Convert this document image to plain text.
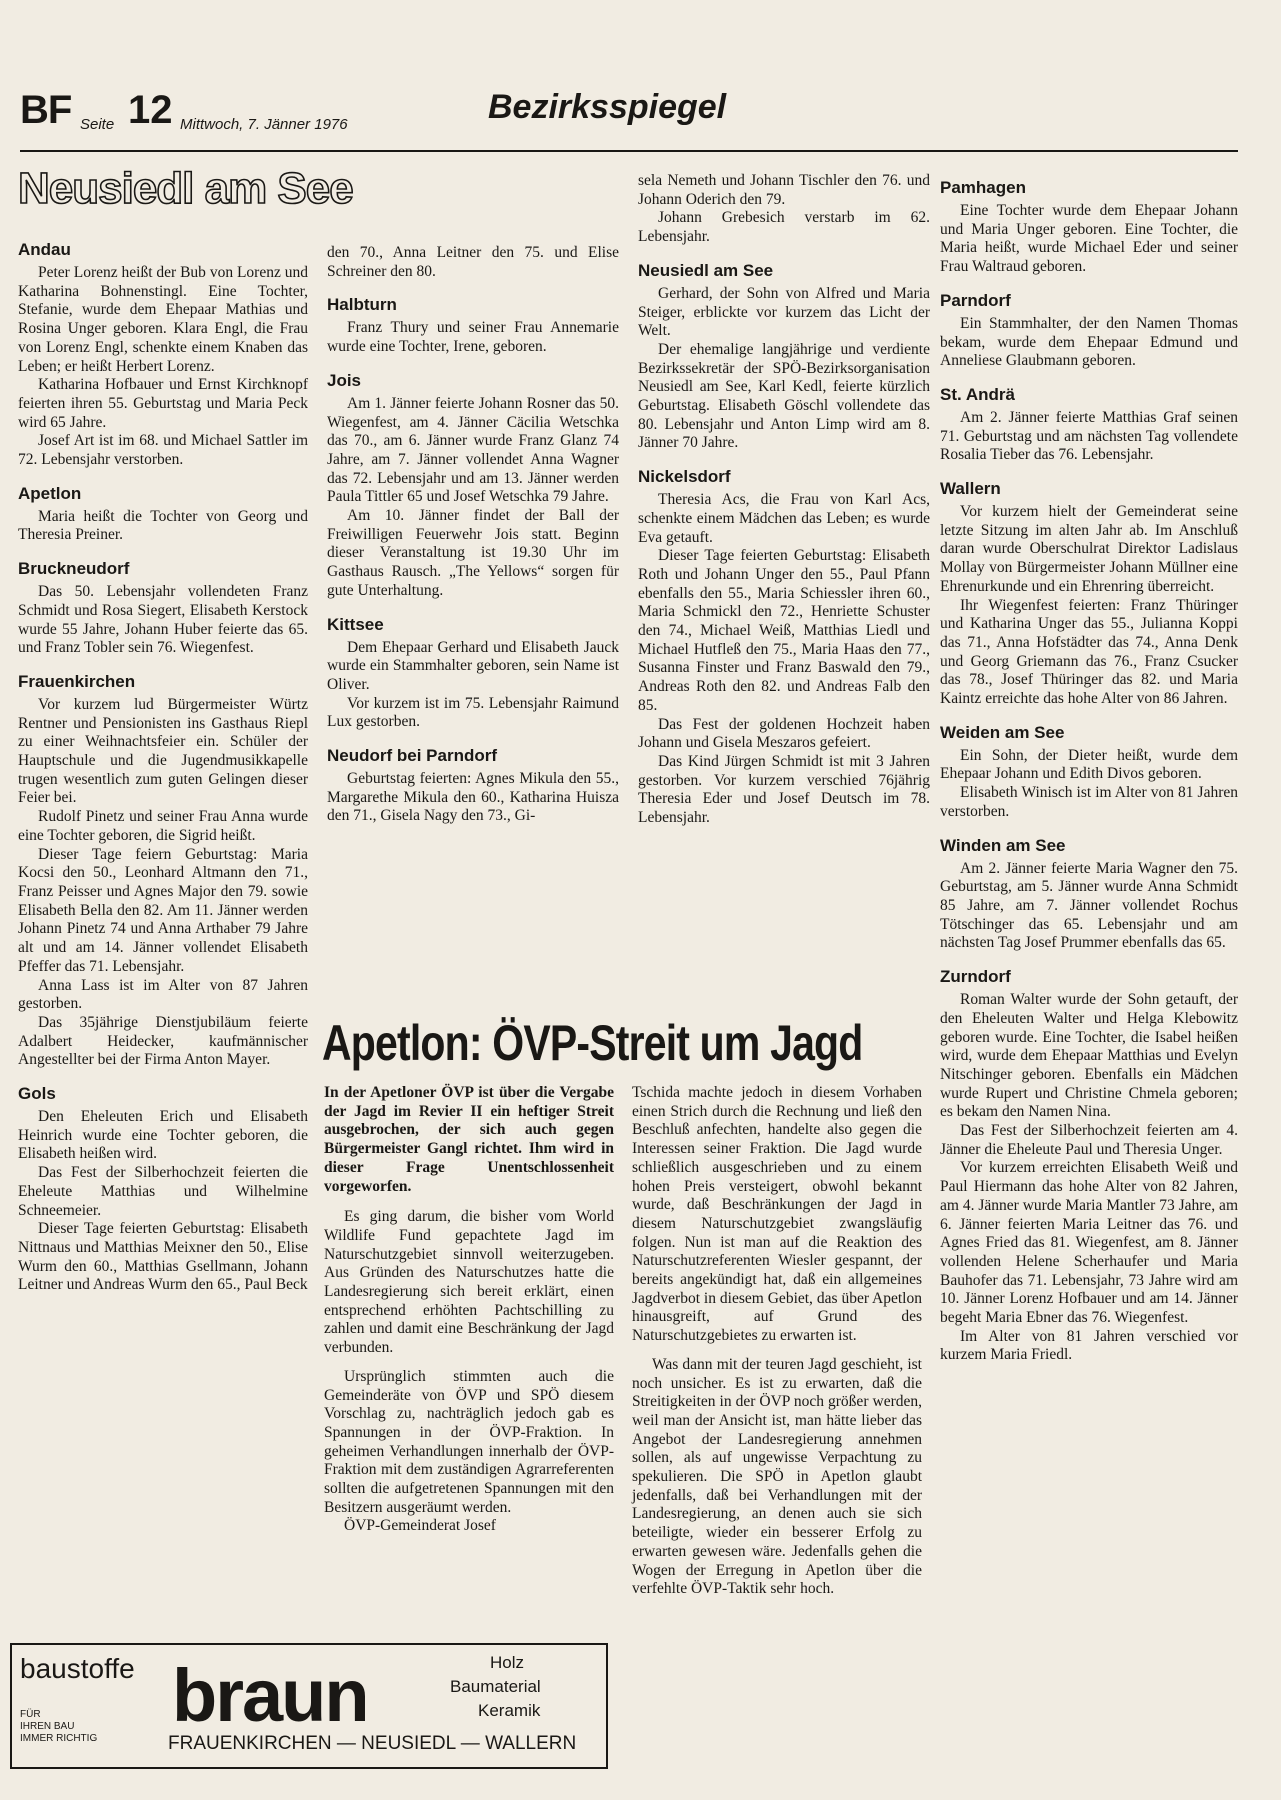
BF Seite 12 Mittwoch, 7. Jänner 1976	Bezirksspiegel
Neusiedl am See
Andau

Peter Lorenz heißt der Bub von Lorenz und Katharina Bohnenstingl. Eine Tochter, Stefanie, wurde dem Ehepaar Mathias und Rosina Unger geboren. Klara Engl, die Frau von Lorenz Engl, schenkte einem Knaben das Leben; er heißt Herbert Lorenz.

Katharina Hofbauer und Ernst Kirchknopf feierten ihren 55. Geburtstag und Maria Peck wird 65 Jahre.

Josef Art ist im 68. und Michael Sattler im 72. Lebensjahr verstorben.

Apetlon

Maria heißt die Tochter von Georg und Theresia Preiner.

Bruckneudorf

Das 50. Lebensjahr vollendeten Franz Schmidt und Rosa Siegert, Elisabeth Kerstock wurde 55 Jahre, Johann Huber feierte das 65. und Franz Tobler sein 76. Wiegenfest.

Frauenkirchen

Vor kurzem lud Bürgermeister Würtz Rentner und Pensionisten ins Gasthaus Riepl zu einer Weihnachtsfeier ein. Schüler der Hauptschule und die Jugendmusikkapelle trugen wesentlich zum guten Gelingen dieser Feier bei.

Rudolf Pinetz und seiner Frau Anna wurde eine Tochter geboren, die Sigrid heißt.

Dieser Tage feiern Geburtstag: Maria Kocsi den 50., Leonhard Altmann den 71., Franz Peisser und Agnes Major den 79. sowie Elisabeth Bella den 82. Am 11. Jänner werden Johann Pinetz 74 und Anna Arthaber 79 Jahre alt und am 14. Jänner vollendet Elisabeth Pfeffer das 71. Lebensjahr.

Anna Lass ist im Alter von 87 Jahren gestorben.

Das 35jährige Dienstjubiläum feierte Adalbert Heidecker, kaufmännischer Angestellter bei der Firma Anton Mayer.

Gols

Den Eheleuten Erich und Elisabeth Heinrich wurde eine Tochter geboren, die Elisabeth heißen wird.

Das Fest der Silberhochzeit feierten die Eheleute Matthias und Wilhelmine Schneemeier.

Dieser Tage feierten Geburtstag: Elisabeth Nittnaus und Matthias Meixner den 50., Elise Wurm den 60., Matthias Gsellmann, Johann Leitner und Andreas Wurm den 65., Paul Beck

den 70., Anna Leitner den 75. und Elise Schreiner den 80.

Halbturn

Franz Thury und seiner Frau Annemarie wurde eine Tochter, Irene, geboren.

Jois

Am 1. Jänner feierte Johann Rosner das 50. Wiegenfest, am 4. Jänner Cäcilia Wetschka das 70., am 6. Jänner wurde Franz Glanz 74 Jahre, am 7. Jänner vollendet Anna Wagner das 72. Lebensjahr und am 13. Jänner werden Paula Tittler 65 und Josef Wetschka 79 Jahre.

Am 10. Jänner findet der Ball der Freiwilligen Feuerwehr Jois statt. Beginn dieser Veranstaltung ist 19.30 Uhr im Gasthaus Rausch. „The Yellows“ sorgen für gute Unterhaltung.

Kittsee

Dem Ehepaar Gerhard und Elisabeth Jauck wurde ein Stammhalter geboren, sein Name ist Oliver.

Vor kurzem ist im 75. Lebensjahr Raimund Lux gestorben.

Neudorf bei Parndorf

Geburtstag feierten: Agnes Mikula den 55., Margarethe Mikula den 60., Katharina Huisza den 71., Gisela Nagy den 73., Gi-

sela Nemeth und Johann Tischler den 76. und Johann Oderich den 79.

Johann Grebesich verstarb im 62. Lebensjahr.

Neusiedl am See

Gerhard, der Sohn von Alfred und Maria Steiger, erblickte vor kurzem das Licht der Welt.

Der ehemalige langjährige und verdiente Bezirkssekretär der SPÖ-Bezirksorganisation Neusiedl am See, Karl Kedl, feierte kürzlich Geburtstag. Elisabeth Göschl vollendete das 80. Lebensjahr und Anton Limp wird am 8. Jänner 70 Jahre.

Nickelsdorf

Theresia Acs, die Frau von Karl Acs, schenkte einem Mädchen das Leben; es wurde Eva getauft.

Dieser Tage feierten Geburtstag: Elisabeth Roth und Johann Unger den 55., Paul Pfann ebenfalls den 55., Maria Schiessler ihren 60., Maria Schmickl den 72., Henriette Schuster den 74., Michael Weiß, Matthias Liedl und Michael Hutfleß den 75., Maria Haas den 77., Susanna Finster und Franz Baswald den 79., Andreas Roth den 82. und Andreas Falb den 85.

Das Fest der goldenen Hochzeit haben Johann und Gisela Meszaros gefeiert.

Das Kind Jürgen Schmidt ist mit 3 Jahren gestorben. Vor kurzem verschied 76jährig Theresia Eder und Josef Deutsch im 78. Lebensjahr.

Pamhagen

Eine Tochter wurde dem Ehepaar Johann und Maria Unger geboren. Eine Tochter, die Maria heißt, wurde Michael Eder und seiner Frau Waltraud geboren.

Parndorf

Ein Stammhalter, der den Namen Thomas bekam, wurde dem Ehepaar Edmund und Anneliese Glaubmann geboren.

St. Andrä

Am 2. Jänner feierte Matthias Graf seinen 71. Geburtstag und am nächsten Tag vollendete Rosalia Tieber das 76. Lebensjahr.

Wallern

Vor kurzem hielt der Gemeinderat seine letzte Sitzung im alten Jahr ab. Im Anschluß daran wurde Oberschulrat Direktor Ladislaus Mollay von Bürgermeister Johann Müllner eine Ehrenurkunde und ein Ehrenring überreicht.

Ihr Wiegenfest feierten: Franz Thüringer und Katharina Unger das 55., Julianna Koppi das 71., Anna Hofstädter das 74., Anna Denk und Georg Griemann das 76., Franz Csucker das 78., Josef Thüringer das 82. und Maria Kaintz erreichte das hohe Alter von 86 Jahren.

Weiden am See

Ein Sohn, der Dieter heißt, wurde dem Ehepaar Johann und Edith Divos geboren.

Elisabeth Winisch ist im Alter von 81 Jahren verstorben.

Winden am See

Am 2. Jänner feierte Maria Wagner den 75. Geburtstag, am 5. Jänner wurde Anna Schmidt 85 Jahre, am 7. Jänner vollendet Rochus Tötschinger das 65. Lebensjahr und am nächsten Tag Josef Prummer ebenfalls das 65.

Zurndorf

Roman Walter wurde der Sohn getauft, der den Eheleuten Walter und Helga Klebowitz geboren wurde. Eine Tochter, die Isabel heißen wird, wurde dem Ehepaar Matthias und Evelyn Nitschinger geboren. Ebenfalls ein Mädchen wurde Rupert und Christine Chmela geboren; es bekam den Namen Nina.

Das Fest der Silberhochzeit feierten am 4. Jänner die Eheleute Paul und Theresia Unger.

Vor kurzem erreichten Elisabeth Weiß und Paul Hiermann das hohe Alter von 82 Jahren, am 4. Jänner wurde Maria Mantler 73 Jahre, am 6. Jänner feierten Maria Leitner das 76. und Agnes Fried das 81. Wiegenfest, am 8. Jänner vollenden Helene Scherhaufer und Maria Bauhofer das 71. Lebensjahr, 73 Jahre wird am 10. Jänner Lorenz Hofbauer und am 14. Jänner begeht Maria Ebner das 76. Wiegenfest.

Im Alter von 81 Jahren verschied vor kurzem Maria Friedl.

Apetlon: ÖVP-Streit um Jagd

In der Apetloner ÖVP ist über die Vergabe der Jagd im Revier II ein heftiger Streit ausgebrochen, der sich auch gegen Bürgermeister Gangl richtet. Ihm wird in dieser Frage Unentschlossenheit vorgeworfen.

Es ging darum, die bisher vom World Wildlife Fund gepachtete Jagd im Naturschutzgebiet sinnvoll weiterzugeben. Aus Gründen des Naturschutzes hatte die Landesregierung sich bereit erklärt, einen entsprechend erhöhten Pachtschilling zu zahlen und damit eine Beschränkung der Jagd verbunden.

Ursprünglich stimmten auch die Gemeinderäte von ÖVP und SPÖ diesem Vorschlag zu, nachträglich jedoch gab es Spannungen in der ÖVP-Fraktion. In geheimen Verhandlungen innerhalb der ÖVP-Fraktion mit dem zuständigen Agrarreferenten sollten die aufgetretenen Spannungen mit den Besitzern ausgeräumt werden.

ÖVP-Gemeinderat Josef

Tschida machte jedoch in diesem Vorhaben einen Strich durch die Rechnung und ließ den Beschluß anfechten, handelte also gegen die Interessen seiner Fraktion. Die Jagd wurde schließlich ausgeschrieben und zu einem hohen Preis versteigert, obwohl bekannt wurde, daß Beschränkungen der Jagd in diesem Naturschutzgebiet zwangsläufig folgen. Nun ist man auf die Reaktion des Naturschutzreferenten Wiesler gespannt, der bereits angekündigt hat, daß ein allgemeines Jagdverbot in diesem Gebiet, das über Apetlon hinausgreift, auf Grund des Naturschutzgebietes zu erwarten ist.

Was dann mit der teuren Jagd geschieht, ist noch unsicher. Es ist zu erwarten, daß die Streitigkeiten in der ÖVP noch größer werden, weil man der Ansicht ist, man hätte lieber das Angebot der Landesregierung annehmen sollen, als auf ungewisse Verpachtung zu spekulieren. Die SPÖ in Apetlon glaubt jedenfalls, daß bei Verhandlungen mit der Landesregierung, an denen auch sie sich beteiligte, wieder ein besserer Erfolg zu erwarten gewesen wäre. Jedenfalls gehen die Wogen der Erregung in Apetlon über die verfehlte ÖVP-Taktik sehr hoch.

baustoffe braun	Holz
Baumaterial
Keramik
FÜR
IHREN BAU
IMMER RICHTIG	FRAUENKIRCHEN — NEUSIEDL — WALLERN
